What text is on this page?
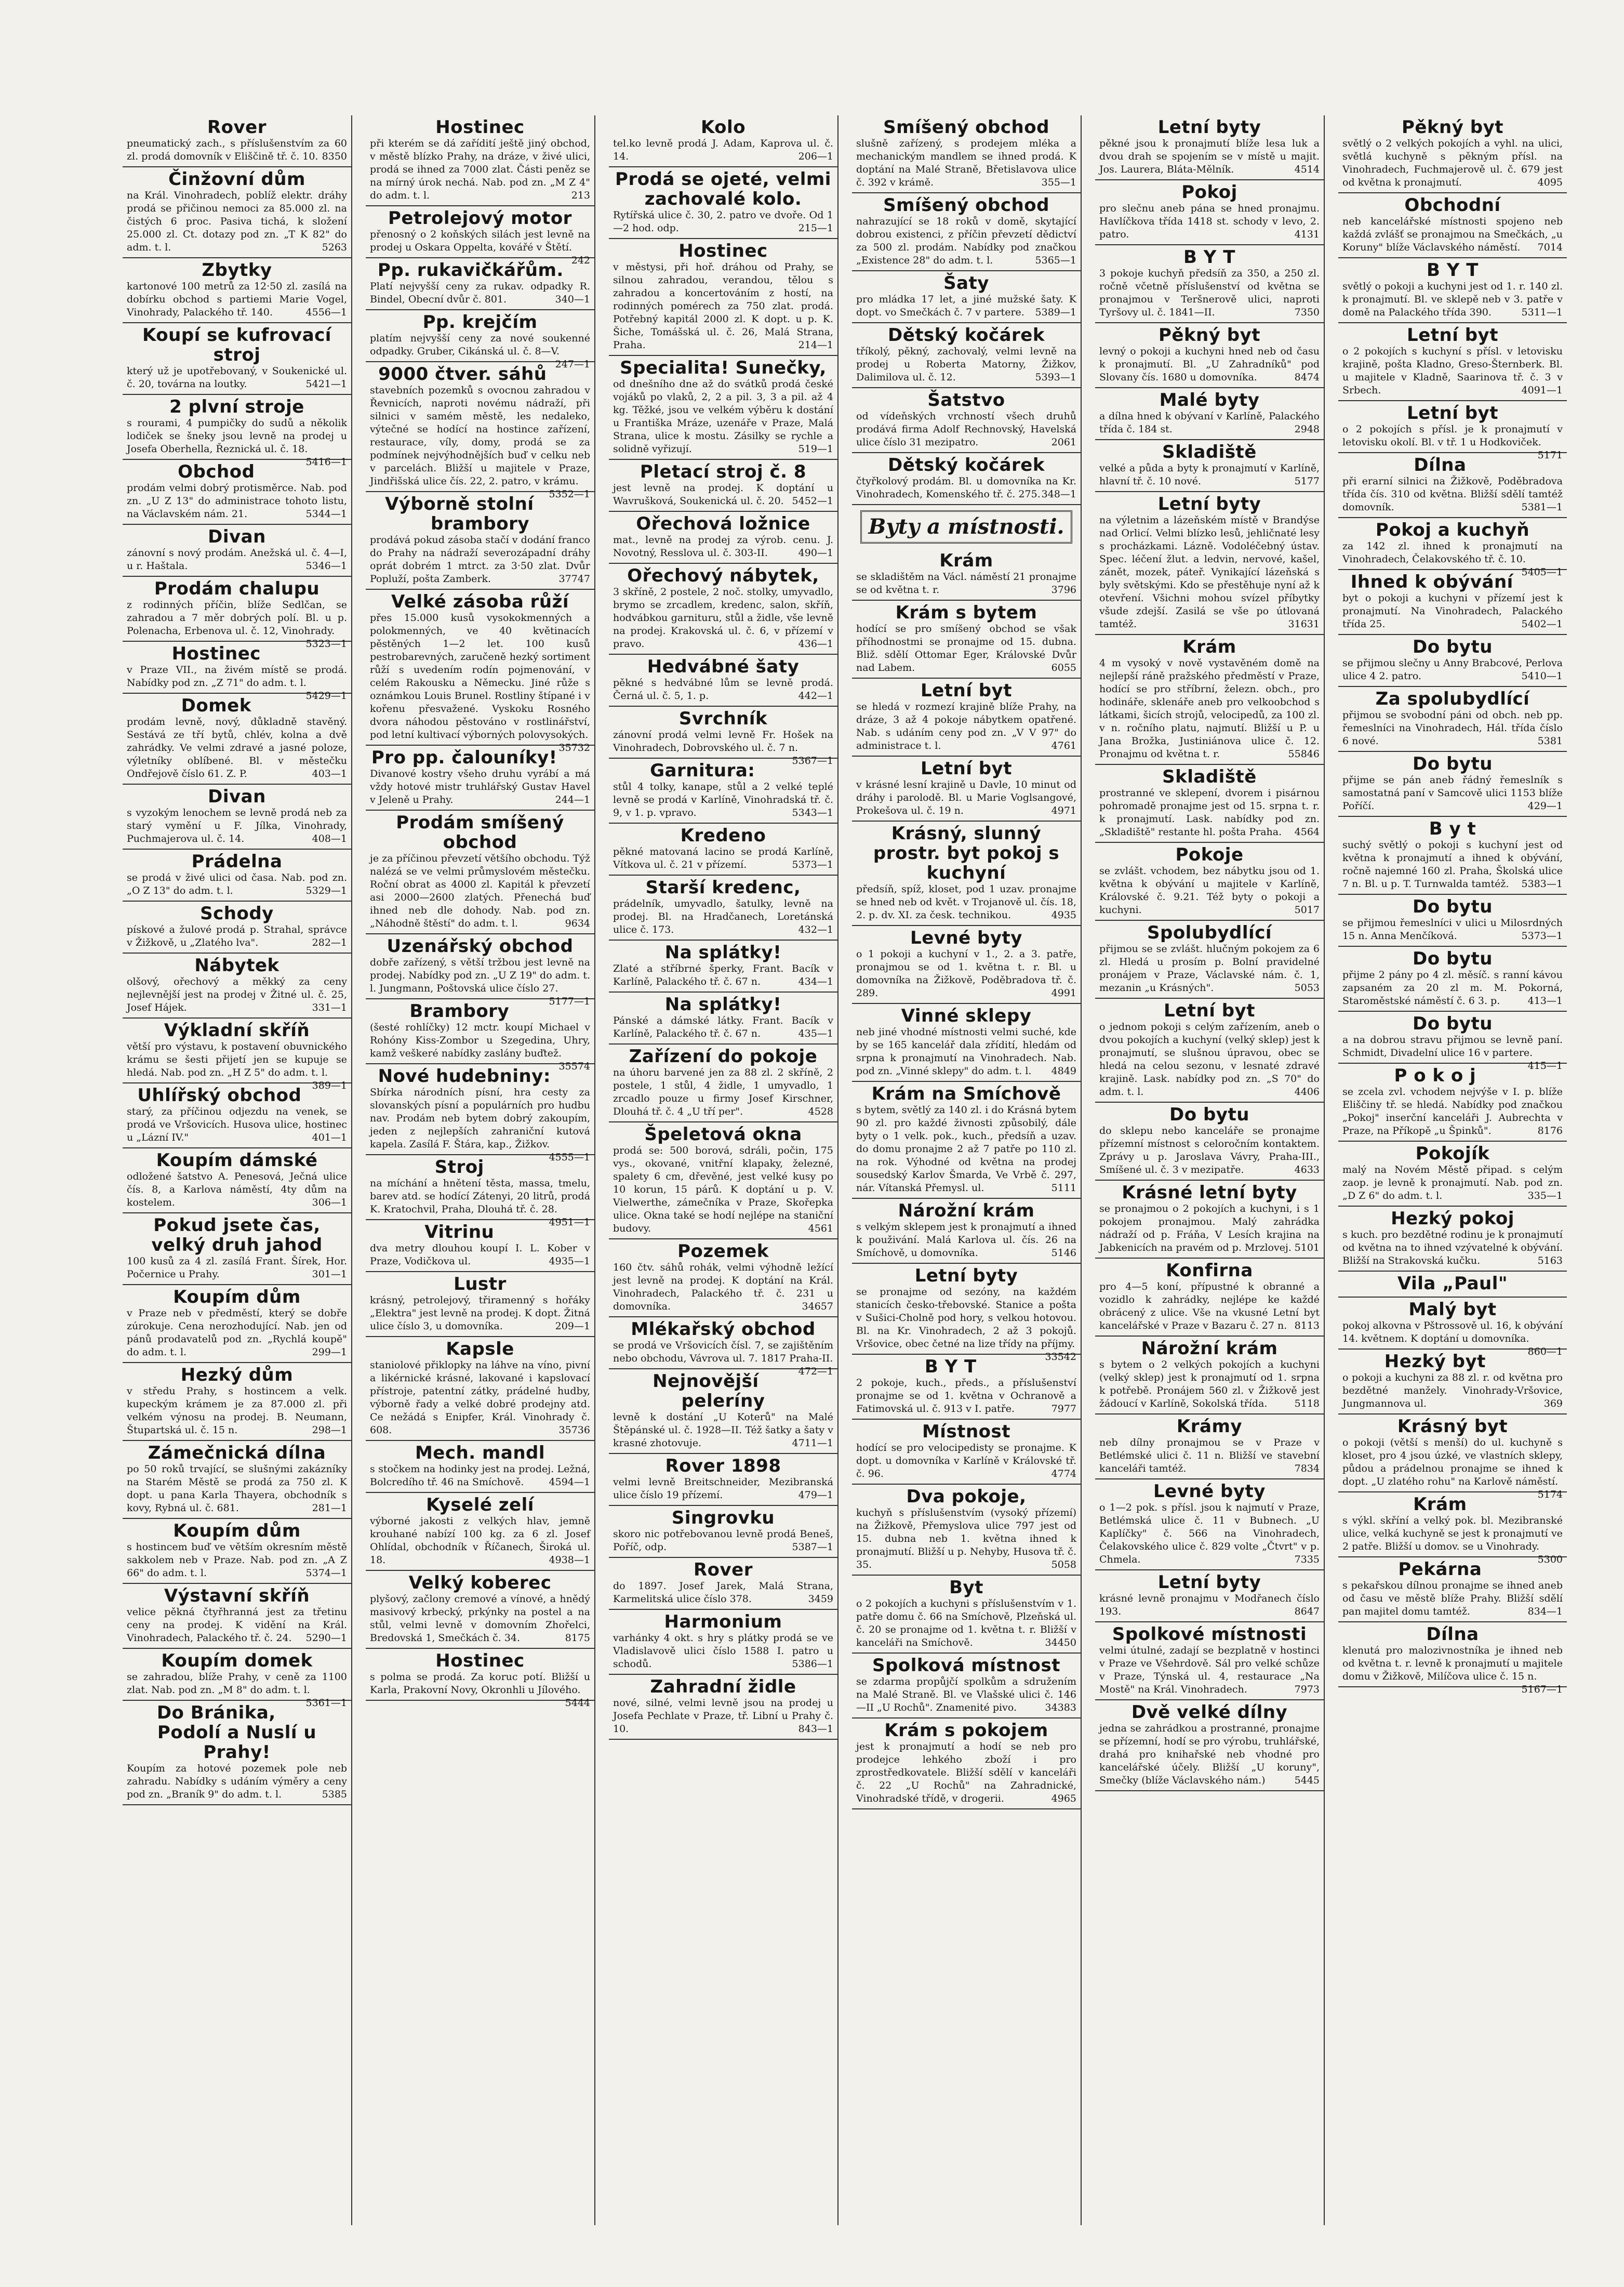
Rover

pneumatický zach., s příslušenstvím za 60 zl. prodá domovník v Eliščině tř. č. 10. 8350

Činžovní dům

na Král. Vinohradech, poblíž elektr. dráhy prodá se přičinou nemoci za 85.000 zl. na čistých 6 proc. Pasiva tichá, k složení 25.000 zl. Ct. dotazy pod zn. „T K 82" do adm. t. l.	5263

Zbytky

kartonové 100 metrů za 12·50 zl. zasílá na dobírku obchod s partiemi Marie Vogel, Vinohrady, Palackého tř. 140.	4556—1

Koupí se kufrovací stroj

který už je upotřebovaný, v Soukenické ul. č. 20, továrna na loutky.	5421—1

2 plvní stroje

s rourami, 4 pumpičky do sudů a několik lodiček se šneky jsou levně na prodej u Josefa Oberhella, Řeznická ul. č. 18.
5416—1

Obchod

prodám velmi dobrý protisměrce. Nab. pod zn. „U Z 13" do administrace tohoto listu, na Václavském nám. 21.	5344—1

Divan

zánovní s nový prodám. Anežská ul. č. 4—I, u r. Haštala.	5346—1

Prodám chalupu

z rodinných příčin, blíže Sedlčan, se zahradou a 7 měr dobrých polí. Bl. u p. Polenacha, Erbenova ul. č. 12, Vinohrady.
5323—1

Hostinec

v Praze VII., na živém místě se prodá. Nabídky pod zn. „Z 71" do adm. t. l.
5429—1

Domek

prodám levně, nový, důkladně stavěný. Sestává ze tří bytů, chlév, kolna a dvě zahrádky. Ve velmi zdravé a jasné poloze, výletníky oblíbené. Bl. v městečku Ondřejově číslo 61. Z. P.	403—1

Divan

s vyzokým lenochem se levně prodá neb za starý vymění u F. Jílka, Vinohrady, Puchmajerova ul. č. 14.	408—1

Prádelna

se prodá v živé ulici od časa. Nab. pod zn. „O Z 13" do adm. t. l.	5329—1

Schody

pískové a žulové prodá p. Strahal, správce v Žižkově, u „Zlatého lva".	282—1

Nábytek

olšový, ořechový a měkký za ceny nejlevnější jest na prodej v Žitné ul. č. 25, Josef Hájek.	331—1

Výkladní skříň

větší pro výstavu, k postavení obuvnického krámu se šesti přijetí jen se kupuje se hledá. Nab. pod zn. „H Z 5" do adm. t. l.
389—1

Uhlířský obchod

starý, za příčinou odjezdu na venek, se prodá ve Vršovicích. Husova ulice, hostinec u „Lázní IV."	401—1

Koupím dámské

odložené šatstvo A. Penesová, Ječná ulice čís. 8, a Karlova náměstí, 4ty dům na kostelem.	306—1

Pokud jsete čas, velký druh jahod

100 kusů za 4 zl. zasílá Frant. Šírek, Hor. Počernice u Prahy.	301—1

Koupím dům

v Praze neb v předměstí, který se dobře zúrokuje. Cena nerozhodující. Nab. jen od pánů prodavatelů pod zn. „Rychlá koupě" do adm. t. l.	299—1

Hezký dům

v středu Prahy, s hostincem a velk. kupeckým krámem je za 87.000 zl. při velkém výnosu na prodej. B. Neumann, Štupartská ul. č. 15 n.	298—1

Zámečnická dílna

po 50 roků trvající, se slušnými zakázníky na Starém Městě se prodá za 750 zl. K dopt. u pana Karla Thayera, obchodník s kovy, Rybná ul. č. 681.	281—1

Koupím dům

s hostincem buď ve větším okresním městě sakkolem neb v Praze. Nab. pod zn. „A Z 66" do adm. t. l.	5374—1

Výstavní skříň

velice pěkná čtyřhranná jest za třetinu ceny na prodej. K vidění na Král. Vinohradech, Palackého tř. č. 24. 5290—1

Koupím domek

se zahradou, blíže Prahy, v ceně za 1100 zlat. Nab. pod zn. „M 8" do adm. t. l.
5361—1

Do Bránika, Podolí a Nuslí u Prahy!

Koupím za hotové pozemek pole neb zahradu. Nabídky s udáním výměry a ceny pod zn. „Braník 9" do adm. t. l.	5385

Hostinec

při kterém se dá zařídití ještě jiný obchod, v městě blízko Prahy, na dráze, v živé ulici, prodá se ihned za 7000 zlat. Části peněz se na mírný úrok nechá. Nab. pod zn. „M Z 4" do adm. t. l.	213

Petrolejový motor

přenosný o 2 koňských silách jest levně na prodej u Oskara Oppelta, kovářé v Štětí.
242

Pp. rukavičkářům.

Platí nejvyšší ceny za rukav. odpadky R. Bindel, Obecní dvůr č. 801.	340—1

Pp. krejčím

platím nejvyšší ceny za nové soukenné odpadky. Gruber, Cikánská ul. č. 8—V.
247—1

9000 čtver. sáhů

stavebních pozemků s ovocnou zahradou v Řevnicích, naproti novému nádraží, při silnici v samém městě, les nedaleko, výtečné se hodící na hostince zařízení, restaurace, víly, domy, prodá se za podmínek nejvýhodnějších buď v celku neb v parcelách. Bližší u majitele v Praze, Jindřišská ulice čís. 22, 2. patro, v krámu.
5352—1

Výborně stolní brambory

prodává pokud zásoba stačí v dodání franco do Prahy na nádraží severozápadní dráhy oprát dobrém 1 mtrct. za 3·50 zlat. Dvůr Popluží, pošta Zamberk.	37747

Velké zásoba růží

přes 15.000 kusů vysokokmenných a polokmenných, ve 40 květinacích pěstěných 1—2 let. 100 kusů pestrobarevných, zaručeně hezký sortiment růží s uvedením rodín pojmenování, v celém Rakousku a Německu. Jiné růže s oznámkou Louis Brunel. Rostliny štípané i v kořenu přesvažené. Vyskoku Rosného dvora náhodou pěstováno v rostlinářství, pod letní kultivací výborných polovysokých.
35732

Pro pp. čalouníky!

Divanové kostry všeho druhu vyrábí a má vždy hotové mistr truhlářský Gustav Havel v Jeleně u Prahy.	244—1

Prodám smíšený obchod

je za příčinou převzetí většího obchodu. Týž nalézá se ve velmi průmyslovém městečku. Roční obrat as 4000 zl. Kapitál k převzetí asi 2000—2600 zlatých. Přenechá buď ihned neb dle dohody. Nab. pod zn. „Náhodně štěstí" do adm. t. l.	9634

Uzenářský obchod

dobře zařízený, s větší tržbou jest levně na prodej. Nabídky pod zn. „U Z 19" do adm. t. l. Jungmann, Poštovská ulice číslo 27.
5177—1

Brambory

(šesté rohlíčky) 12 mctr. koupí Michael v Rohóny Kiss-Zombor u Szegedina, Uhry, kamž veškeré nabídky zaslány buďtež.
35574

Nové hudebniny:

Sbírka národních písní, hra cesty za slovanských písní a populárních pro hudbu nav. Prodám neb bytem dobrý zakoupím, jeden z nejlepších zahraniční kutová kapela. Zasílá F. Štára, kap., Žižkov.
4555—1

Stroj

na míchání a hnětení těsta, massa, tmelu, barev atd. se hodící Zátenyi, 20 litrů, prodá K. Kratochvil, Praha, Dlouhá tř. č. 28.
4951—1

Vitrinu

dva metry dlouhou koupí I. L. Kober v Praze, Vodičkova ul.	4935—1

Lustr

krásný, petrolejový, třiramenný s hořáky „Elektra" jest levně na prodej. K dopt. Žitná ulice číslo 3, u domovníka.	209—1

Kapsle

staniolové přiklopky na láhve na víno, pivní a likérnické krásné, lakované i kapslovací přístroje, patentní zátky, prádelné hudby, výborně řady a velké dobré prodejny atd. Ce nežádá s Enipfer, Král. Vinohrady č. 608.	35736

Mech. mandl

s stočkem na hodinky jest na prodej. Ležná, Bolcredího tř. 46 na Smíchově.	4594—1

Kyselé zelí

výborné jakosti z velkých hlav, jemně krouhané nabízí 100 kg. za 6 zl. Josef Ohlídal, obchodník v Říčanech, Široká ul. 18.	4938—1

Velký koberec

plyšový, začlony cremové a vínové, a hnědý masivový krbecký, prkýnky na postel a na stůl, velmi levně v domovním Zhořelci, Bredovská 1, Smečkách č. 34.	8175

Hostinec

s polma se prodá. Za koruc potí. Bližší u Karla, Prakovní Novy, Okronhli u Jílového.
5444

Kolo

tel.ko levně prodá J. Adam, Kaprova ul. č. 14.	206—1

Prodá se ojeté, velmi zachovalé kolo.

Rytířská ulice č. 30, 2. patro ve dvoře. Od 1—2 hod. odp.	215—1

Hostinec

v městysi, při hoř. dráhou od Prahy, se silnou zahradou, verandou, tělou s zahradou a koncertováním z hostí, na rodinných pomérech za 750 zlat. prodá. Potřebný kapitál 2000 zl. K dopt. u p. K. Šiche, Tomášská ul. č. 26, Malá Strana, Praha.	214—1

Specialita! Sunečky,

od dnešního dne až do svátků prodá české vojáků po vlaků, 2, 2 a pil. 3, 3 a pil. až 4 kg. Těžké, jsou ve velkém výběru k dostání u Františka Mráze, uzenáře v Praze, Malá Strana, ulice k mostu. Zásilky se rychle a solidně vyřizují.	519—1

Pletací stroj č. 8

jest levně na prodej. K doptání u Wavrušková, Soukenická ul. č. 20. 5452—1

Ořechová ložnice

mat., levně na prodej za výrob. cenu. J. Novotný, Resslova ul. č. 303-II.	490—1

Ořechový nábytek,

3 skříně, 2 postele, 2 noč. stolky, umyvadlo, brymo se zrcadlem, kredenc, salon, skříň, hodvábkou garnituru, stůl a židle, vše levně na prodej. Krakovská ul. č. 6, v přízemí v pravo.	436—1

Hedvábné šaty

pěkné s hedvábné lům se levně prodá. Černá ul. č. 5, 1. p.	442—1

Svrchník

zánovní prodá velmi levně Fr. Hošek na Vinohradech, Dobrovského ul. č. 7 n.
5367—1

Garnitura:

stůl 4 tolky, kanape, stůl a 2 velké teplé levně se prodá v Karlíně, Vinohradská tř. č. 9, v 1. p. vpravo.	5343—1

Kredeno

pěkné matovaná lacino se prodá Karlíně, Vítkova ul. č. 21 v přízemí.	5373—1

Starší kredenc,

prádelník, umyvadlo, šatulky, levně na prodej. Bl. na Hradčanech, Loretánská ulice č. 173.	432—1

Na splátky!

Zlaté a stříbrné šperky, Frant. Bacík v Karlíně, Palackého tř. č. 67 n.	434—1

Na splátky!

Pánské a dámské látky. Frant. Bacík v Karlíně, Palackého tř. č. 67 n.	435—1

Zařízení do pokoje

na úhoru barvené jen za 88 zl. 2 skříně, 2 postele, 1 stůl, 4 židle, 1 umyvadlo, 1 zrcadlo pouze u firmy Josef Kirschner, Dlouhá tř. č. 4 „U tří per".	4528

Špeletová okna

prodá se: 500 borová, sdráli, počin, 175 vys., okované, vnitřní klapaky, železné, spalety 6 cm, dřevěné, jest velké kusy po 10 korun, 15 párů. K doptání u p. V. Vielwerthe, zámečníka v Praze, Skořepka ulice. Okna také se hodí nejlépe na staniční budovy.	4561

Pozemek

160 čtv. sáhů rohák, velmi výhodně ležící jest levně na prodej. K doptání na Král. Vinohradech, Palackého tř. č. 231 u domovníka.	34657

Mlékařský obchod

se prodá ve Vršovicích čísl. 7, se zajištěním nebo obchodu, Vávrova ul. 7. 1817 Praha-II.
472—1

Nejnovější peleríny

levně k dostání „U Koterů" na Malé Štěpánské ul. č. 1928—II. Též šatky a šaty v krasné zhotovuje.	4711—1

Rover 1898

velmi levně Breitschneider, Mezibranská ulice číslo 19 přízemí.	479—1

Singrovku

skoro nic potřebovanou levně prodá Beneš, Poříč, odp.	5387—1

Rover

do 1897. Josef Jarek, Malá Strana, Karmelitská ulice číslo 378.	3459

Harmonium

varhánky 4 okt. s hry s plátky prodá se ve Vladislavově ulici číslo 1588 I. patro u schodů.	5386—1

Zahradní židle

nové, silné, velmi levně jsou na prodej u Josefa Pechlate v Praze, tř. Libní u Prahy č. 10.	843—1

Smíšený obchod

slušně zařízený, s prodejem mléka a mechanickým mandlem se ihned prodá. K doptání na Malé Straně, Břetislavova ulice č. 392 v krámě.	355—1

Smíšený obchod

nahrazující se 18 roků v domě, skytající dobrou existenci, z příčin převzetí dědictví za 500 zl. prodám. Nabídky pod značkou „Existence 28" do adm. t. l.	5365—1

Šaty

pro mládka 17 let, a jiné mužské šaty. K dopt. vo Smečkách č. 7 v partere. 5389—1

Dětský kočárek

tříkolý, pěkný, zachovalý, velmi levně na prodej u Roberta Matorny, Žižkov, Dalimilova ul. č. 12.	5393—1

Šatstvo

od vídeňských vrchností všech druhů prodává firma Adolf Rechnovský, Havelská ulice číslo 31 mezipatro.	2061

Dětský kočárek

čtyřkolový prodám. Bl. u domovníka na Kr. Vinohradech, Komenského tř. č. 275. 348—1

Byty a místnosti.
Krám

se skladištěm na Václ. náměstí 21 pronajme se od května t. r.	3796

Krám s bytem

hodící se pro smíšený obchod se však příhodnostmi se pronajme od 15. dubna. Bliž. sdělí Ottomar Eger, Královské Dvůr nad Labem.	6055

Letní byt

se hledá v rozmezí krajině blíže Prahy, na dráze, 3 až 4 pokoje nábytkem opatřené. Nab. s udáním ceny pod zn. „V V 97" do administrace t. l.	4761

Letní byt

v krásné lesní krajině u Davle, 10 minut od dráhy i parolodě. Bl. u Marie Voglsangové, Prokešova ul. č. 19 n.	4971

Krásný, slunný prostr. byt pokoj s kuchyní

předsíň, spíž, kloset, pod 1 uzav. pronajme se hned neb od květ. v Trojanově ul. čís. 18, 2. p. dv. XI. za česk. technikou.	4935

Levné byty

o 1 pokoji a kuchyní v 1., 2. a 3. patře, pronajmou se od 1. května t. r. Bl. u domovníka na Žižkově, Poděbradova tř. č. 289.	4991

Vinné sklepy

neb jiné vhodné místnosti velmi suché, kde by se 165 kancelář dala zřídití, hledám od srpna k pronajmutí na Vinohradech. Nab. pod zn. „Vinné sklepy" do adm. t. l. 4849

Krám na Smíchově

s bytem, světlý za 140 zl. i do Krásná bytem 90 zl. pro každé živnosti způsobilý, dále byty o 1 velk. pok., kuch., předsíň a uzav. do domu pronajme 2 až 7 patře po 110 zl. na rok. Výhodné od května na prodej sousedský Karlov Šmarda, Ve Vrbě č. 297, nár. Vítanská Přemysl. ul.	5111

Nárožní krám

s velkým sklepem jest k pronajmutí a ihned k použivání. Malá Karlova ul. čís. 26 na Smíchově, u domovníka.	5146

Letní byty

se pronajme od sezóny, na každém stanicích česko-třebovské. Stanice a pošta v Sušici-Cholně pod hory, s velkou hotovou. Bl. na Kr. Vinohradech, 2 až 3 pokojů. Vršovice, obec četné na lize třídy na příjmy.
33542

B Y T

2 pokoje, kuch., předs., a příslušenství pronajme se od 1. května v Ochranově a Fatimovská ul. č. 913 v I. patře.	7977

Místnost

hodící se pro velocipedisty se pronajme. K dopt. u domovníka v Karlíně v Královské tř. č. 96.	4774

Dva pokoje,

kuchyň s příslušenstvím (vysoký přízemí) na Žižkově, Přemyslova ulice 797 jest od 15. dubna neb 1. května ihned k pronajmutí. Bližší u p. Nehyby, Husova tř. č. 35.	5058

Byt

o 2 pokojích a kuchyni s příslušenstvím v 1. patře domu č. 66 na Smíchově, Plzeňská ul. č. 20 se pronajme od 1. května t. r. Bližší v kanceláři na Smíchově.	34450

Spolková místnost

se zdarma propůjčí spolkům a sdružením na Malé Straně. Bl. ve Vlašské ulici č. 146—II „U Rochů". Znamenité pivo.	34383

Krám s pokojem

jest k pronajmutí a hodí se neb pro prodejce lehkého zboží i pro zprostředkovatele. Bližší sdělí v kanceláři č. 22 „U Rochů" na Zahradnické, Vinohradské třídě, v drogerii.	4965

Letní byty

pěkné jsou k pronajmutí blíže lesa luk a dvou drah se spojením se v místě u majit. Jos. Laurera, Bláta-Mělník.	4514

Pokoj

pro slečnu aneb pána se hned pronajmu. Havlíčkova třída 1418 st. schody v levo, 2. patro.	4131

B Y T

3 pokoje kuchyň předsíň za 350, a 250 zl. ročně včetně příslušenství od května se pronajmou v Teršnerově ulici, naproti Tyršovy ul. č. 1841—II.	7350

Pěkný byt

levný o pokoji a kuchyni hned neb od času k pronajmutí. Bl. „U Zahradníků" pod Slovany čís. 1680 u domovníka.	8474

Malé byty

a dílna hned k obývaní v Karlíně, Palackého třída č. 184 st.	2948

Skladiště

velké a půda a byty k pronajmutí v Karlíně, hlavní tř. č. 10 nové.	5177

Letní byty

na výletnim a lázeňském místě v Brandýse nad Orlicí. Velmi blízko lesů, jehličnaté lesy s procházkami. Lázně. Vodoléčebný ústav. Spec. léčení žlut. a ledvin, nervové, kašel, zánět, mozek, páteř. Vynikající lázeňská s byly světskými. Kdo se přestěhuje nyní až k otevření. Všichni mohou svízel příbytky všude zdejší. Zasilá se vše po útlovaná tamtéž.	31631

Krám

4 m vysoký v nově vystavěném domě na nejlepší ráně pražského předměstí v Praze, hodící se pro stříbrní, železn. obch., pro hodináře, sklenáře aneb pro velkoobchod s látkami, šicích strojů, velocipedů, za 100 zl. v n. ročního platu, najmutí. Bližší u P. u Jana Brožka, Justiniánova ulice č. 12. Pronajmu od května t. r.	55846

Skladiště

prostranné ve sklepení, dvorem i pisárnou pohromadě pronajme jest od 15. srpna t. r. k pronajmutí. Lask. nabídky pod zn. „Skladiště" restante hl. pošta Praha. 4564

Pokoje

se zvlášt. vchodem, bez nábytku jsou od 1. května k obývání u majitele v Karlíně, Královské č. 9.21. Též byty o pokoji a kuchyni.	5017

Spolubydlící

přijmou se se zvlášt. hlučným pokojem za 6 zl. Hledá u prosím p. Bolní pravidelné pronájem v Praze, Václavské nám. č. 1, mezanin „u Krásných".	5053

Letní byt

o jednom pokoji s celým zařízením, aneb o dvou pokojích a kuchyní (velký sklep) jest k pronajmutí, se slušnou úpravou, obec se hledá na celou sezonu, v lesnaté zdravé krajině. Lask. nabídky pod zn. „S 70" do adm. t. l.	4406

Do bytu

do sklepu nebo kanceláře se pronajme přízemní místnost s celoročním kontaktem. Zprávy u p. Jaroslava Vávry, Praha-III., Smíšené ul. č. 3 v mezipatře.	4633

Krásné letní byty

se pronajmou o 2 pokojích a kuchyni, i s 1 pokojem pronajmou. Malý zahrádka nádraží od p. Fráňa, V Lesích krajina na Jabkenicích na pravém od p. Mrzlovej. 5101

Konfirna

pro 4—5 koní, přípustné k obranné a vozidlo k zahrádky, nejlépe ke každé obrácený z ulice. Vše na vkusné Letní byt kancelářské v Praze v Bazaru č. 27 n. 8113

Nárožní krám

s bytem o 2 velkých pokojích a kuchyni (velký sklep) jest k pronajmutí od 1. srpna k potřebě. Pronájem 560 zl. v Žižkově jest žádoucí v Karlíně, Sokolská třída.	5118

Krámy

neb dílny pronajmou se v Praze v Betlémské ulici č. 11 n. Bližší ve stavební kanceláři tamtéž.	7834

Levné byty

o 1—2 pok. s přísl. jsou k najmutí v Praze, Betlémská ulice č. 11 v Bubnech. „U Kaplíčky" č. 566 na Vinohradech, Čelakovského ulice č. 829 volte „Čtvrt" v p. Chmela.	7335

Letní byty

krásné levně pronajmu v Modřanech číslo 193.	8647

Spolkové místnosti

velmi útulné, zadají se bezplatně v hostinci v Praze ve Všehrdově. Sál pro velké schůze v Praze, Týnská ul. 4, restaurace „Na Mostě" na Král. Vinohradech.	7973

Dvě velké dílny

jedna se zahrádkou a prostranné, pronajme se přízemní, hodí se pro výrobu, truhlářské, drahá pro knihařské neb vhodné pro kancelářské účely. Bližší „U koruny", Smečky (blíže Václavského nám.)	5445

Pěkný byt

světlý o 2 velkých pokojích a vyhl. na ulici, světlá kuchyně s pěkným přísl. na Vinohradech, Fuchmajerově ul. č. 679 jest od května k pronajmutí.	4095

Obchodní

neb kancelářské místnosti spojeno neb každá zvlášť se pronajmou na Smečkách, „u Koruny" blíže Václavského náměstí. 7014

B Y T

světlý o pokoji a kuchyni jest od 1. r. 140 zl. k pronajmutí. Bl. ve sklepě neb v 3. patře v domě na Palackého třída 390.	5311—1

Letní byt

o 2 pokojích s kuchyní s přísl. v letovisku krajině, pošta Kladno, Greso-Šternberk. Bl. u majitele v Kladně, Saarinova tř. č. 3 v Srbech.	4091—1

Letní byt

o 2 pokojích s přísl. je k pronajmutí v letovisku okolí. Bl. v tř. 1 u Hodkoviček.
5171

Dílna

při erarní silnici na Žižkově, Poděbradova třída čís. 310 od května. Bližší sdělí tamtéž domovník.	5381—1

Pokoj a kuchyň

za 142 zl. ihned k pronajmutí na Vinohradech, Čelakovského tř. č. 10.
5405—1

Ihned k obývání

byt o pokoji a kuchyni v přízemí jest k pronajmutí. Na Vinohradech, Palackého třída 25.	5402—1

Do bytu

se přijmou slečny u Anny Brabcové, Perlova ulice 4 2. patro.	5410—1

Za spolubydlící

přijmou se svobodní páni od obch. neb pp. řemeslníci na Vinohradech, Hál. třída číslo 6 nové.	5381

Do bytu

přijme se pán aneb řádný řemeslník s samostatná paní v Samcově ulici 1153 blíže Poříčí.	429—1

B y t

suchý světlý o pokoji s kuchyní jest od května k pronajmutí a ihned k obývání, ročně najemné 160 zl. Praha, Školská ulice 7 n. Bl. u p. T. Turnwalda tamtéž. 5383—1

Do bytu

se přijmou řemeslníci v ulici u Milosrdných 15 n. Anna Menčíková.	5373—1

Do bytu

přijme 2 pány po 4 zl. měsíč. s ranní kávou zapsaném za 20 zl m. M. Pokorná, Staroměstské náměstí č. 6 3. p.	413—1

Do bytu

a na dobrou stravu přijmou se levně paní. Schmidt, Divadelní ulice 16 v partere.
415—1

P o k o j

se zcela zvl. vchodem nejvýše v I. p. blíže Eliščiny tř. se hledá. Nabídky pod značkou „Pokoj" inserční kanceláři J. Aubrechta v Praze, na Příkopě „u Špinků".	8176

Pokojík

malý na Novém Městě připad. s celým zaop. je levně k pronajmutí. Nab. pod zn. „D Z 6" do adm. t. l.	335—1

Hezký pokoj

s kuch. pro bezdětné rodinu je k pronajmutí od května na to ihned vzývatelné k obývání. Bližší na Strakovská kučku.	5163

Vila „Paul"
Malý byt

pokoj alkovna v Pštrossově ul. 16, k obývání 14. květnem. K doptání u domovníka.
860—1

Hezký byt

o pokoji a kuchyni za 88 zl. r. od května pro bezdětné manžely. Vinohrady-Vršovice, Jungmannova ul.	369

Krásný byt

o pokoji (větší s menší) do ul. kuchyně s kloset, pro 4 jsou úzké, ve vlastních sklepy, půdou a prádelnou pronajme se ihned k dopt. „U zlatého rohu" na Karlově náměstí.
5174

Krám

s výkl. skříní a velký pok. bl. Mezibranské ulice, velká kuchyně se jest k pronajmutí ve 2 patře. Bližší u domov. se u Vinohrady.
5300

Pekárna

s pekařskou dílnou pronajme se ihned aneb od času ve městě blíže Prahy. Bližší sdělí pan majitel domu tamtéž.	834—1

Dílna

klenutá pro malozivnostníka je ihned neb od května t. r. levně k pronajmutí u majitele domu v Žižkově, Milíčova ulice č. 15 n.
5167—1
